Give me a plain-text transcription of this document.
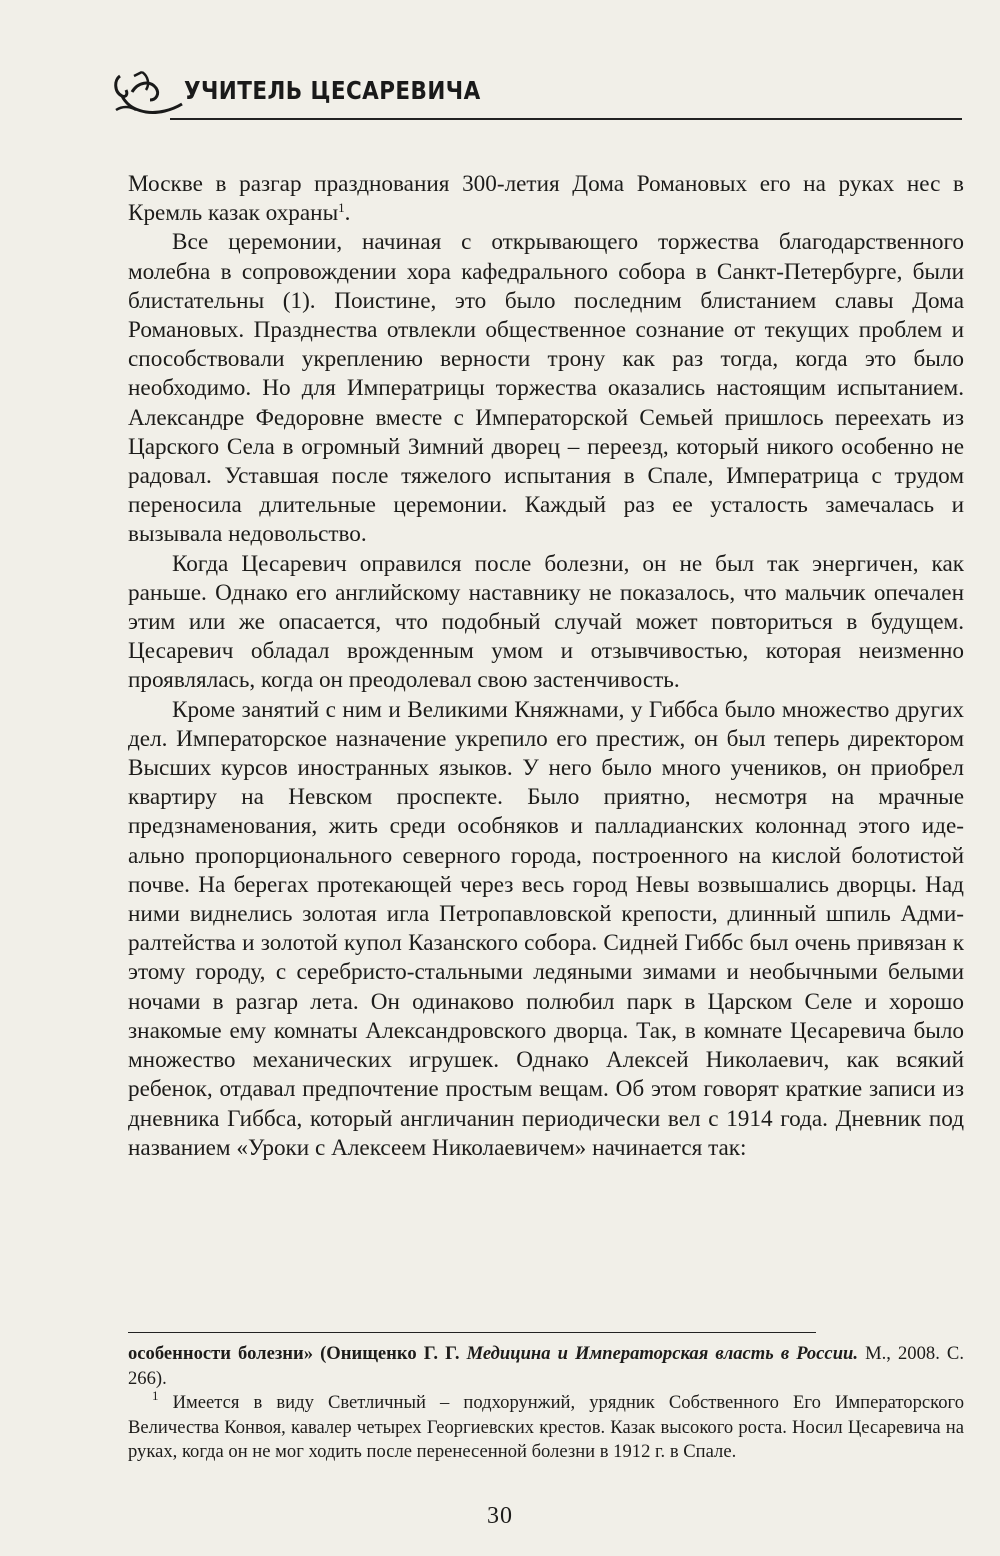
УЧИТЕЛЬ ЦЕСАРЕВИЧА

Москве в разгар празднования 300-летия Дома Романовых его на руках нес в Кремль казак охраны$^1$.

Все церемонии, начиная с открывающего торжества благодарственного молебна в сопровождении хора кафедрального собора в Санкт-Петербурге, были блистательны (1). Поистине, это было последним блистанием славы Дома Романовых. Празднества отвлекли общественное сознание от текущих проблем и способствовали укреплению верности трону как раз тогда, когда это было необходимо. Но для Императрицы торжества оказались настоящим испытанием. Александре Федоровне вместе с Императорской Семьей пришлось переехать из Царского Села в огромный Зимний дворец – переезд, который никого особенно не радовал. Уставшая после тяжелого испытания в Спале, Императрица с трудом переносила длительные церемонии. Каждый раз ее усталость замечалась и вызывала недовольство.

Когда Цесаревич оправился после болезни, он не был так энергичен, как раньше. Однако его английскому наставнику не показалось, что мальчик опечален этим или же опасается, что подобный случай может повториться в будущем. Цесаревич обладал врожденным умом и отзывчивостью, которая неизменно проявлялась, когда он преодолевал свою застенчивость.

Кроме занятий с ним и Великими Княжнами, у Гиббса было множество других дел. Императорское назначение укрепило его престиж, он был теперь директором Высших курсов иностранных языков. У него было много учеников, он приобрел квартиру на Невском проспекте. Было приятно, несмотря на мрачные предзнаменования, жить среди особняков и палладианских колоннад этого идеально пропорционального северного города, построенного на кислой болотистой почве. На берегах протекающей через весь город Невы возвышались дворцы. Над ними виднелись золотая игла Петропавловской крепости, длинный шпиль Адмиралтейства и золотой купол Казанского собора. Сидней Гиббс был очень привязан к этому городу, с серебристо-стальными ледяными зимами и необычными белыми ночами в разгар лета. Он одинаково полюбил парк в Царском Селе и хорошо знакомые ему комнаты Александровского дворца. Так, в комнате Цесаревича было множество механических игрушек. Однако Алексей Николаевич, как всякий ребенок, отдавал предпочтение простым вещам. Об этом говорят краткие записи из дневника Гиббса, который англичанин периодически вел с 1914 года. Дневник под названием «Уроки с Алексеем Николаевичем» начинается так:

особенности болезни» (Онищенко Г. Г. Медицина и Императорская власть в России. М., 2008. С. 266).

$^1$ Имеется в виду Светличный – подхорунжий, урядник Собственного Его Императорского Величества Конвоя, кавалер четырех Георгиевских крестов. Казак высокого роста. Носил Цесаревича на руках, когда он не мог ходить после перенесенной болезни в 1912 г. в Спале.

30
